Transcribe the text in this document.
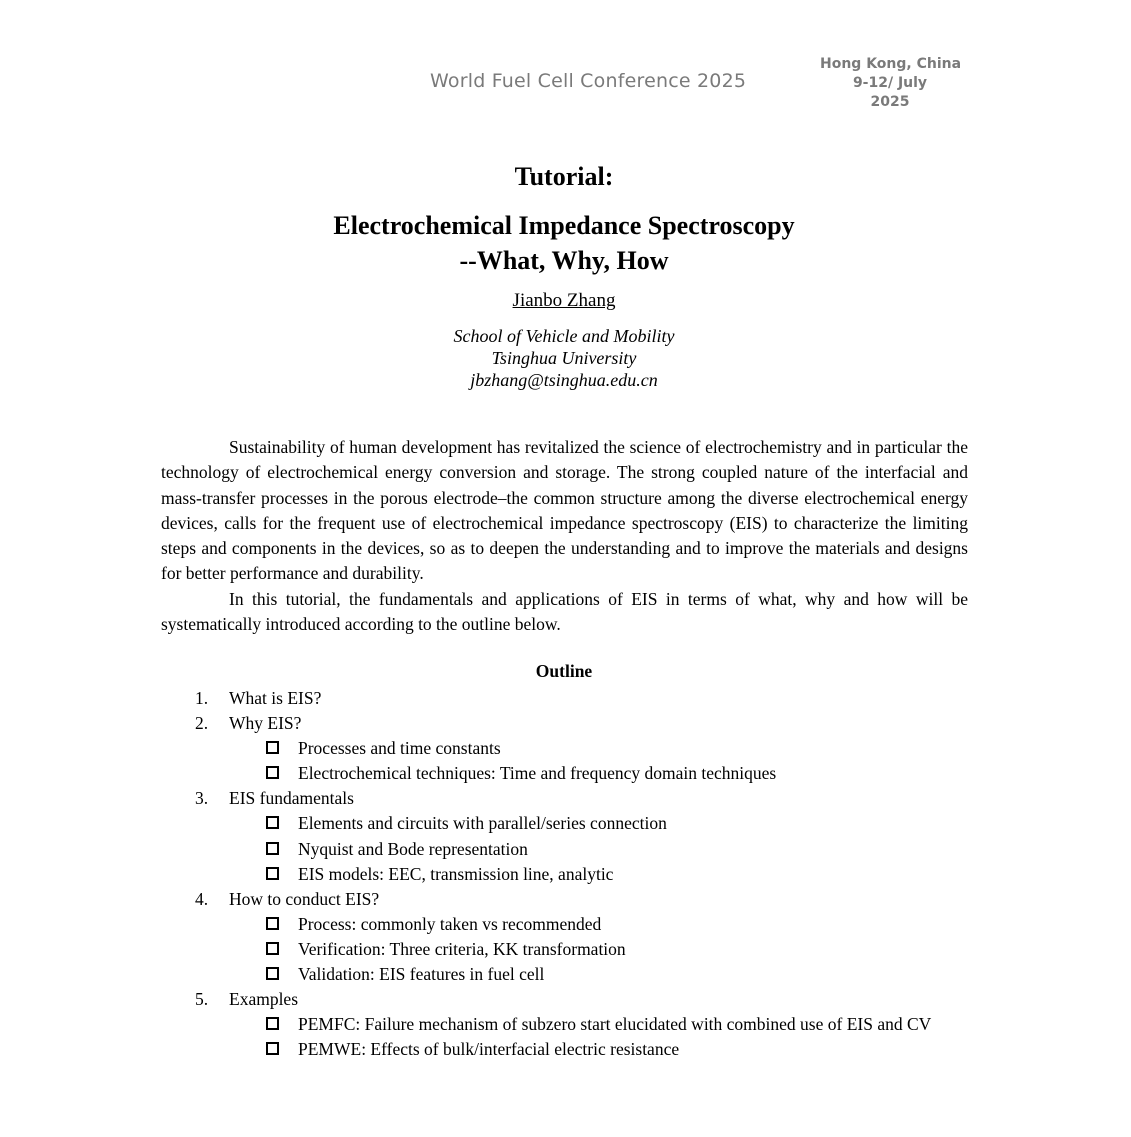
World Fuel Cell Conference 2025
Hong Kong, China
9-12/ July
2025
Tutorial:
Electrochemical Impedance Spectroscopy
--What, Why, How
Jianbo Zhang
School of Vehicle and Mobility
Tsinghua University
jbzhang@tsinghua.edu.cn

Sustainability of human development has revitalized the science of electrochemistry and in particular the technology of electrochemical energy conversion and storage. The strong coupled nature of the interfacial and mass-transfer processes in the porous electrode–the common structure among the diverse electrochemical energy devices, calls for the frequent use of electrochemical impedance spectroscopy (EIS) to characterize the limiting steps and components in the devices, so as to deepen the understanding and to improve the materials and designs for better performance and durability.

In this tutorial, the fundamentals and applications of EIS in terms of what, why and how will be systematically introduced according to the outline below.

Outline
1. What is EIS?
2. Why EIS?
Processes and time constants
Electrochemical techniques: Time and frequency domain techniques
3. EIS fundamentals
Elements and circuits with parallel/series connection
Nyquist and Bode representation
EIS models: EEC, transmission line, analytic
4. How to conduct EIS?
Process: commonly taken vs recommended
Verification: Three criteria, KK transformation
Validation: EIS features in fuel cell
5. Examples
PEMFC: Failure mechanism of subzero start elucidated with combined use of EIS and CV
PEMWE: Effects of bulk/interfacial electric resistance
